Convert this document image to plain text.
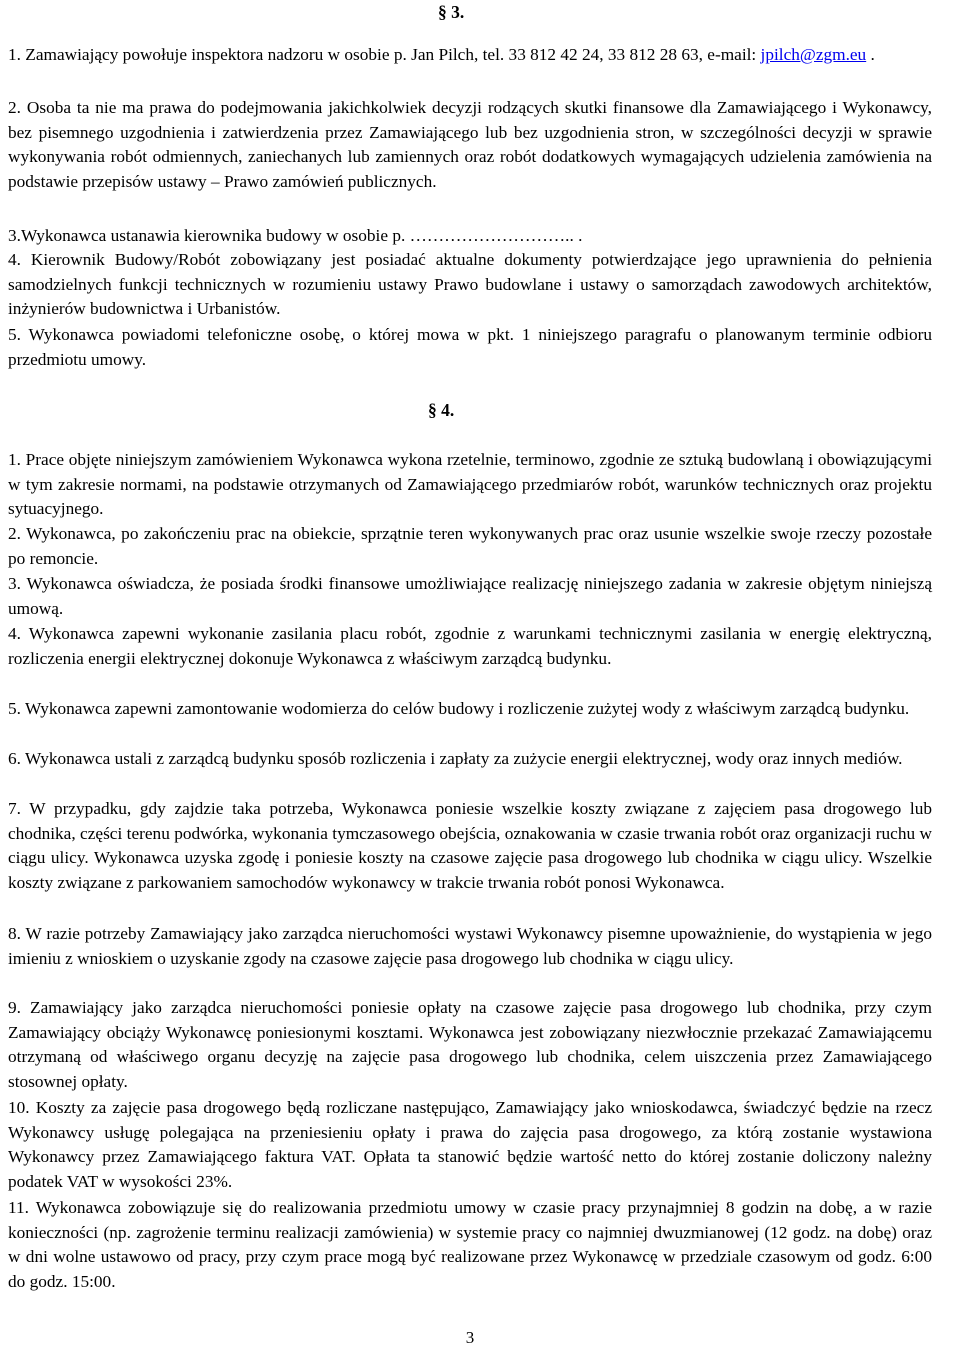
§ 3.

1. Zamawiający powołuje inspektora nadzoru w osobie p. Jan Pilch, tel. 33 812 42 24, 33 812 28 63, e-mail: jpilch@zgm.eu .

2. Osoba ta nie ma prawa do podejmowania jakichkolwiek decyzji rodzących skutki finansowe dla Zamawiającego i Wykonawcy, bez pisemnego uzgodnienia i zatwierdzenia przez Zamawiającego lub bez uzgodnienia stron, w szczególności decyzji w sprawie wykonywania robót odmiennych, zaniechanych lub zamiennych oraz robót dodatkowych wymagających udzielenia zamówienia na podstawie przepisów ustawy – Prawo zamówień publicznych.

3.Wykonawca ustanawia kierownika budowy w osobie p. ……………………….. .

4. Kierownik Budowy/Robót zobowiązany jest posiadać aktualne dokumenty potwierdzające jego uprawnienia do pełnienia samodzielnych funkcji technicznych w rozumieniu ustawy Prawo budowlane i ustawy o samorządach zawodowych architektów, inżynierów budownictwa i Urbanistów.

5. Wykonawca powiadomi telefoniczne osobę, o której mowa w pkt. 1 niniejszego paragrafu o planowanym terminie odbioru przedmiotu umowy.

§ 4.

1. Prace objęte niniejszym zamówieniem Wykonawca wykona rzetelnie, terminowo, zgodnie ze sztuką budowlaną i obowiązującymi w tym zakresie normami, na podstawie otrzymanych od Zamawiającego przedmiarów robót, warunków technicznych oraz projektu sytuacyjnego.

2. Wykonawca, po zakończeniu prac na obiekcie, sprzątnie teren wykonywanych prac oraz usunie wszelkie swoje rzeczy pozostałe po remoncie.

3. Wykonawca oświadcza, że posiada środki finansowe umożliwiające realizację niniejszego zadania w zakresie objętym niniejszą umową.

4. Wykonawca zapewni wykonanie zasilania placu robót, zgodnie z warunkami technicznymi zasilania w energię elektryczną, rozliczenia energii elektrycznej dokonuje Wykonawca z właściwym zarządcą budynku.

5. Wykonawca zapewni zamontowanie wodomierza do celów budowy i rozliczenie zużytej wody z właściwym zarządcą budynku.

6. Wykonawca ustali z zarządcą budynku sposób rozliczenia i zapłaty za zużycie energii elektrycznej, wody oraz innych mediów.

7. W przypadku, gdy zajdzie taka potrzeba, Wykonawca poniesie wszelkie koszty związane z zajęciem pasa drogowego lub chodnika, części terenu podwórka, wykonania tymczasowego obejścia, oznakowania w czasie trwania robót oraz organizacji ruchu w ciągu ulicy. Wykonawca uzyska zgodę i poniesie koszty na czasowe zajęcie pasa drogowego lub chodnika w ciągu ulicy. Wszelkie koszty związane z parkowaniem samochodów wykonawcy w trakcie trwania robót ponosi Wykonawca.

8. W razie potrzeby Zamawiający jako zarządca nieruchomości wystawi Wykonawcy pisemne upoważnienie, do wystąpienia w jego imieniu z wnioskiem o uzyskanie zgody na czasowe zajęcie pasa drogowego lub chodnika w ciągu ulicy.

9. Zamawiający jako zarządca nieruchomości poniesie opłaty na czasowe zajęcie pasa drogowego lub chodnika, przy czym Zamawiający obciąży Wykonawcę poniesionymi kosztami. Wykonawca jest zobowiązany niezwłocznie przekazać Zamawiającemu otrzymaną od właściwego organu decyzję na zajęcie pasa drogowego lub chodnika, celem uiszczenia przez Zamawiającego stosownej opłaty.

10. Koszty za zajęcie pasa drogowego będą rozliczane następująco, Zamawiający jako wnioskodawca, świadczyć będzie na rzecz Wykonawcy usługę polegająca na przeniesieniu opłaty i prawa do zajęcia pasa drogowego, za którą zostanie wystawiona Wykonawcy przez Zamawiającego faktura VAT. Opłata ta stanowić będzie wartość netto do której zostanie doliczony należny podatek VAT w wysokości 23%.

11. Wykonawca zobowiązuje się do realizowania przedmiotu umowy w czasie pracy przynajmniej 8 godzin na dobę, a w razie konieczności (np. zagrożenie terminu realizacji zamówienia) w systemie pracy co najmniej dwuzmianowej (12 godz. na dobę) oraz w dni wolne ustawowo od pracy, przy czym prace mogą być realizowane przez Wykonawcę w przedziale czasowym od godz. 6:00 do godz. 15:00.

3
